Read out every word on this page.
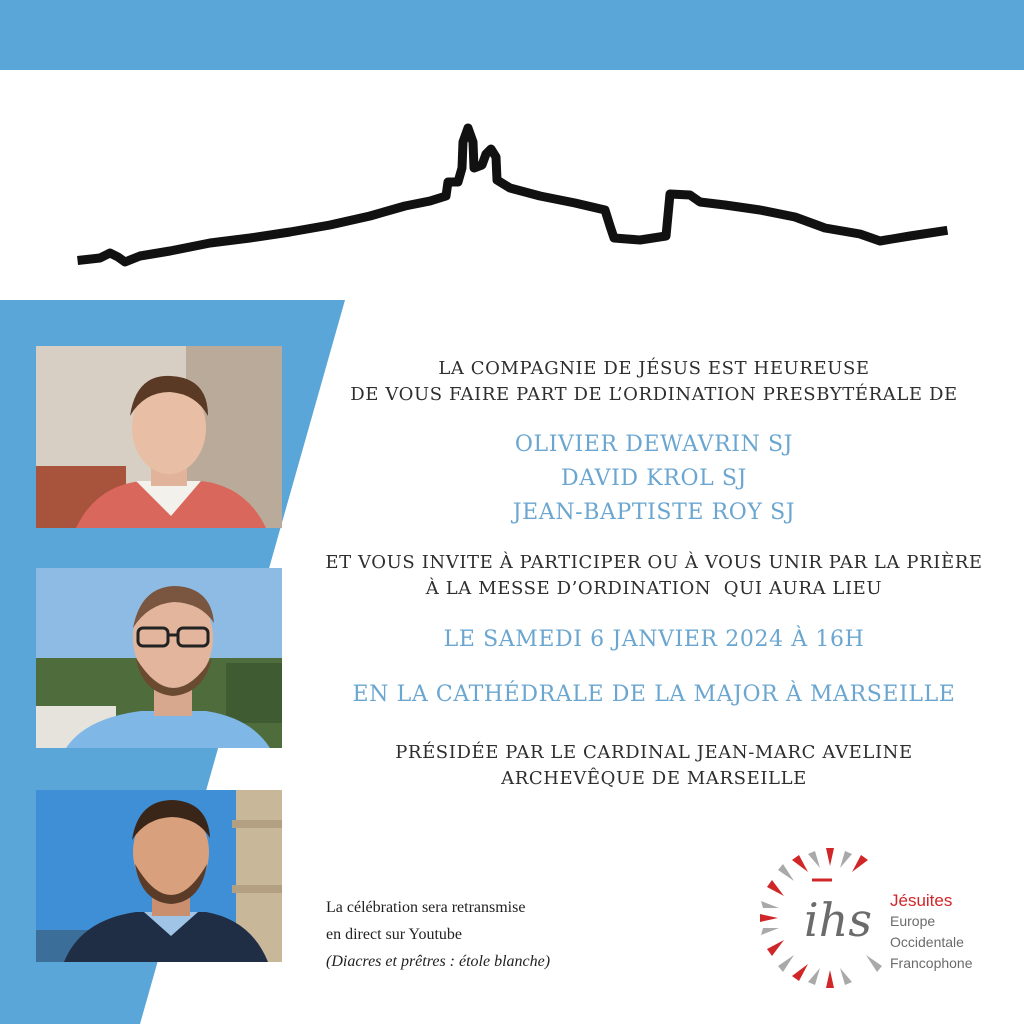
LA COMPAGNIE DE JÉSUS EST HEUREUSE
DE VOUS FAIRE PART DE L’ORDINATION PRESBYTÉRALE DE
OLIVIER DEWAVRIN SJ
DAVID KROL SJ
JEAN-BAPTISTE ROY SJ
ET VOUS INVITE À PARTICIPER OU À VOUS UNIR PAR LA PRIÈRE
À LA MESSE D’ORDINATION  QUI AURA LIEU
LE SAMEDI 6 JANVIER 2024 À 16H
EN LA CATHÉDRALE DE LA MAJOR À MARSEILLE
PRÉSIDÉE PAR LE CARDINAL JEAN-MARC AVELINE
ARCHEVÊQUE DE MARSEILLE
La célébration sera retransmise
en direct sur Youtube
(Diacres et prêtres : étole blanche)
ihs Jésuites
Europe
Occidentale
Francophone
